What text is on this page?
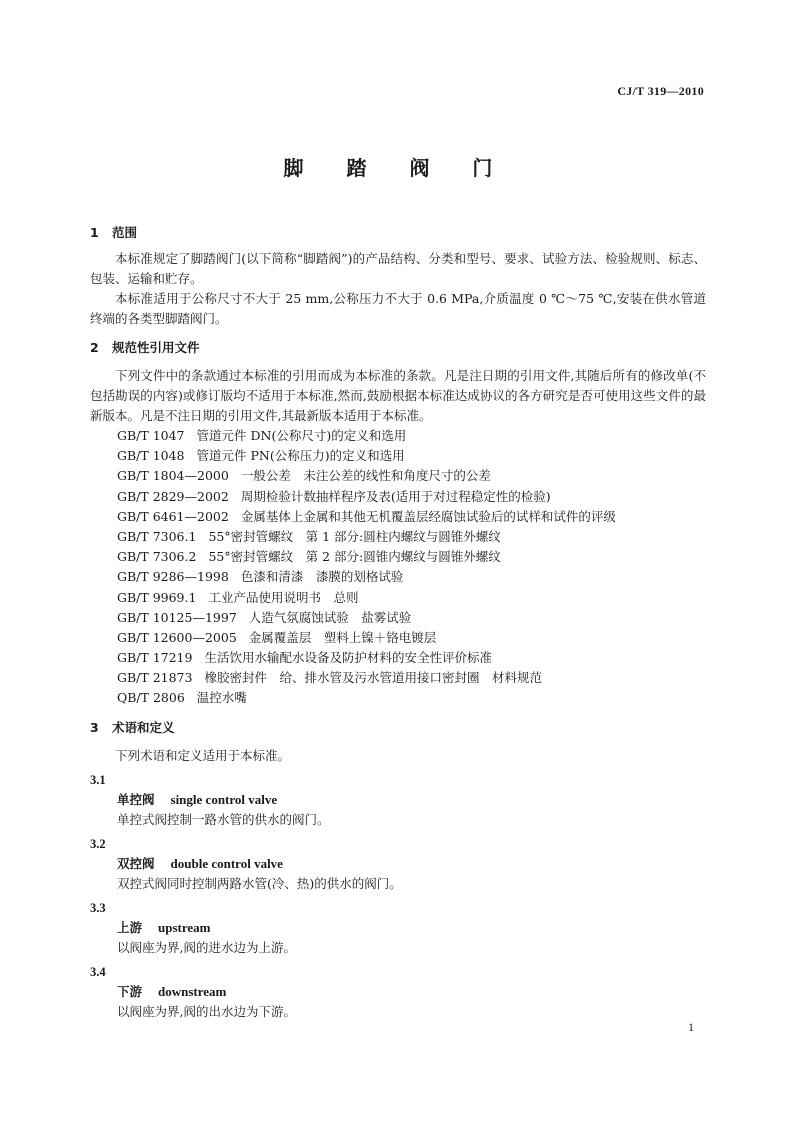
CJ/T 319—2010
脚 踏 阀 门
1 范围
本标准规定了脚踏阀门(以下简称“脚踏阀”)的产品结构、分类和型号、要求、试验方法、检验规则、标志、包装、运输和贮存。
本标准适用于公称尺寸不大于 25 mm,公称压力不大于 0.6 MPa,介质温度 0 ℃～75 ℃,安装在供水管道终端的各类型脚踏阀门。
2 规范性引用文件
下列文件中的条款通过本标准的引用而成为本标准的条款。凡是注日期的引用文件,其随后所有的修改单(不包括勘误的内容)或修订版均不适用于本标准,然而,鼓励根据本标准达成协议的各方研究是否可使用这些文件的最新版本。凡是不注日期的引用文件,其最新版本适用于本标准。
GB/T 1047 管道元件 DN(公称尺寸)的定义和选用
GB/T 1048 管道元件 PN(公称压力)的定义和选用
GB/T 1804—2000 一般公差　未注公差的线性和角度尺寸的公差
GB/T 2829—2002 周期检验计数抽样程序及表(适用于对过程稳定性的检验)
GB/T 6461—2002 金属基体上金属和其他无机覆盖层经腐蚀试验后的试样和试件的评级
GB/T 7306.1 55°密封管螺纹　第 1 部分:圆柱内螺纹与圆锥外螺纹
GB/T 7306.2 55°密封管螺纹　第 2 部分:圆锥内螺纹与圆锥外螺纹
GB/T 9286—1998 色漆和清漆　漆膜的划格试验
GB/T 9969.1 工业产品使用说明书　总则
GB/T 10125—1997 人造气氛腐蚀试验　盐雾试验
GB/T 12600—2005 金属覆盖层　塑料上镍＋铬电镀层
GB/T 17219 生活饮用水输配水设备及防护材料的安全性评价标准
GB/T 21873 橡胶密封件　给、排水管及污水管道用接口密封圈　材料规范
QB/T 2806 温控水嘴
3 术语和定义
下列术语和定义适用于本标准。
3.1
单控阀 single control valve
单控式阀控制一路水管的供水的阀门。
3.2
双控阀 double control valve
双控式阀同时控制两路水管(冷、热)的供水的阀门。
3.3
上游 upstream
以阀座为界,阀的进水边为上游。
3.4
下游 downstream
以阀座为界,阀的出水边为下游。
1
